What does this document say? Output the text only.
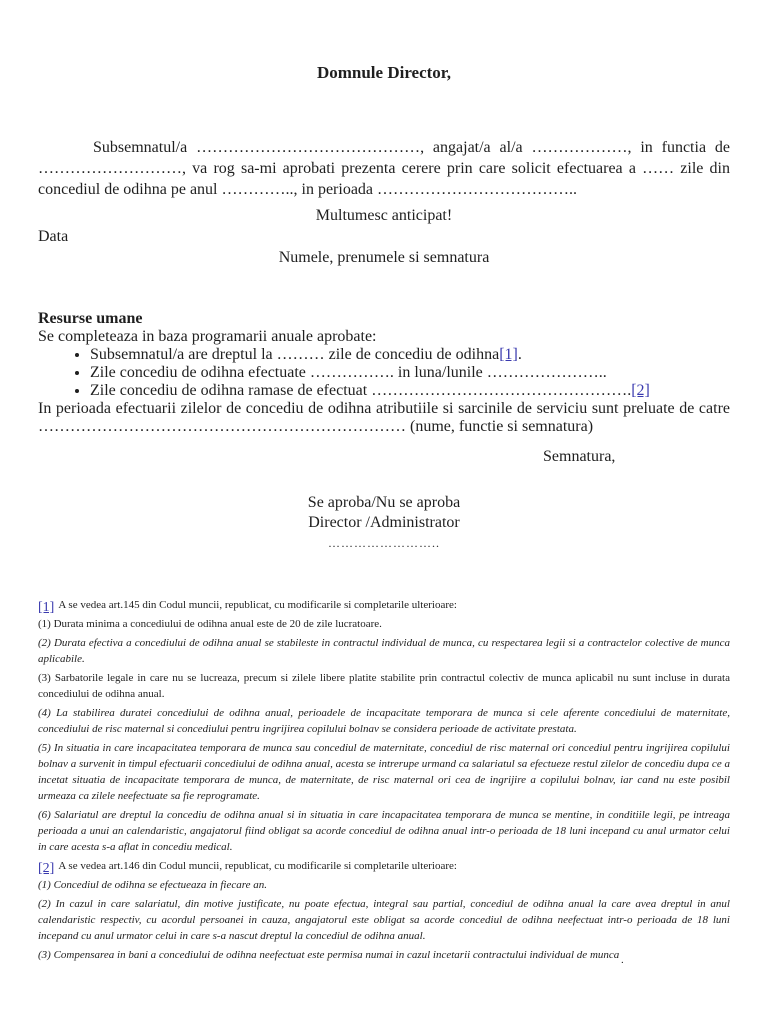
Domnule Director,

Subsemnatul/a ……………………………………, angajat/a al/a ………………, in functia de ………………………, va rog sa-mi aprobati prezenta cerere prin care solicit efectuarea a …… zile din concediul de odihna pe anul ………….., in perioada ………………………………..

Multumesc anticipat!

Data

Numele, prenumele si semnatura

Resurse umane

Se completeaza in baza programarii anuale aprobate:

• Subsemnatul/a are dreptul la ……… zile de concediu de odihna[1].
• Zile concediu de odihna efectuate ……………. in luna/lunile …………………..
• Zile concediu de odihna ramase de efectuat ………………………………………….[2]

In perioada efectuarii zilelor de concediu de odihna atributiile si sarcinile de serviciu sunt preluate de catre …………………………………………………………… (nume, functie si semnatura)

Semnatura,

Se aproba/Nu se aproba

Director /Administrator

……………………..

[1] A se vedea art.145 din Codul muncii, republicat, cu modificarile si completarile ulterioare:

(1) Durata minima a concediului de odihna anual este de 20 de zile lucratoare.

(2) Durata efectiva a concediului de odihna anual se stabileste in contractul individual de munca, cu respectarea legii si a contractelor colective de munca aplicabile.

(3) Sarbatorile legale in care nu se lucreaza, precum si zilele libere platite stabilite prin contractul colectiv de munca aplicabil nu sunt incluse in durata concediului de odihna anual.

(4) La stabilirea duratei concediului de odihna anual, perioadele de incapacitate temporara de munca si cele aferente concediului de maternitate, concediului de risc maternal si concediului pentru ingrijirea copilului bolnav se considera perioade de activitate prestata.

(5) In situatia in care incapacitatea temporara de munca sau concediul de maternitate, concediul de risc maternal ori concediul pentru ingrijirea copilului bolnav a survenit in timpul efectuarii concediului de odihna anual, acesta se intrerupe urmand ca salariatul sa efectueze restul zilelor de concediu dupa ce a incetat situatia de incapacitate temporara de munca, de maternitate, de risc maternal ori cea de ingrijire a copilului bolnav, iar cand nu este posibil urmeaza ca zilele neefectuate sa fie reprogramate.

(6) Salariatul are dreptul la concediu de odihna anual si in situatia in care incapacitatea temporara de munca se mentine, in conditiile legii, pe intreaga perioada a unui an calendaristic, angajatorul fiind obligat sa acorde concediul de odihna anual intr-o perioada de 18 luni incepand cu anul urmator celui in care acesta s-a aflat in concediu medical.

[2] A se vedea art.146 din Codul muncii, republicat, cu modificarile si completarile ulterioare:

(1) Concediul de odihna se efectueaza in fiecare an.

(2) In cazul in care salariatul, din motive justificate, nu poate efectua, integral sau partial, concediul de odihna anual la care avea dreptul in anul calendaristic respectiv, cu acordul persoanei in cauza, angajatorul este obligat sa acorde concediul de odihna neefectuat intr-o perioada de 18 luni incepand cu anul urmator celui in care s-a nascut dreptul la concediul de odihna anual.

(3) Compensarea in bani a concediului de odihna neefectuat este permisa numai in cazul incetarii contractului individual de munca .
